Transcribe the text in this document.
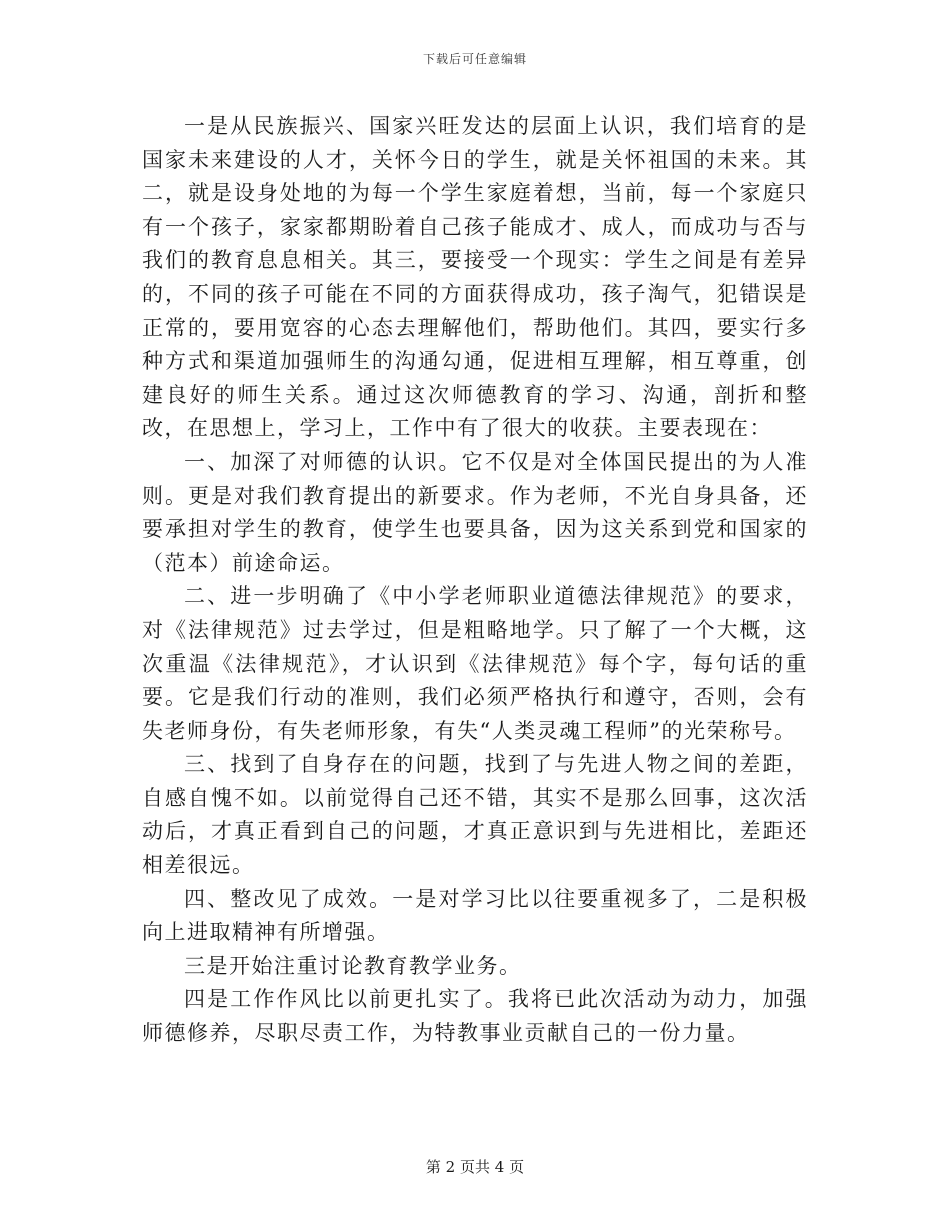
下载后可任意编辑

一是从民族振兴、国家兴旺发达的层面上认识，我们培育的是国家未来建设的人才，关怀今日的学生，就是关怀祖国的未来。其二，就是设身处地的为每一个学生家庭着想，当前，每一个家庭只有一个孩子，家家都期盼着自己孩子能成才、成人，而成功与否与我们的教育息息相关。其三，要接受一个现实：学生之间是有差异的，不同的孩子可能在不同的方面获得成功，孩子淘气，犯错误是正常的，要用宽容的心态去理解他们，帮助他们。其四，要实行多种方式和渠道加强师生的沟通勾通，促进相互理解，相互尊重，创建良好的师生关系。通过这次师德教育的学习、沟通，剖折和整改，在思想上，学习上，工作中有了很大的收获。主要表现在：

一、加深了对师德的认识。它不仅是对全体国民提出的为人准则。更是对我们教育提出的新要求。作为老师，不光自身具备，还要承担对学生的教育，使学生也要具备，因为这关系到党和国家的（范本）前途命运。

二、进一步明确了《中小学老师职业道德法律规范》的要求，对《法律规范》过去学过，但是粗略地学。只了解了一个大概，这次重温《法律规范》，才认识到《法律规范》每个字，每句话的重要。它是我们行动的准则，我们必须严格执行和遵守，否则，会有失老师身份，有失老师形象，有失“人类灵魂工程师”的光荣称号。

三、找到了自身存在的问题，找到了与先进人物之间的差距，自感自愧不如。以前觉得自己还不错，其实不是那么回事，这次活动后，才真正看到自己的问题，才真正意识到与先进相比，差距还相差很远。

四、整改见了成效。一是对学习比以往要重视多了，二是积极向上进取精神有所增强。

三是开始注重讨论教育教学业务。

四是工作作风比以前更扎实了。我将已此次活动为动力，加强师德修养，尽职尽责工作，为特教事业贡献自己的一份力量。

第 2 页共 4 页
